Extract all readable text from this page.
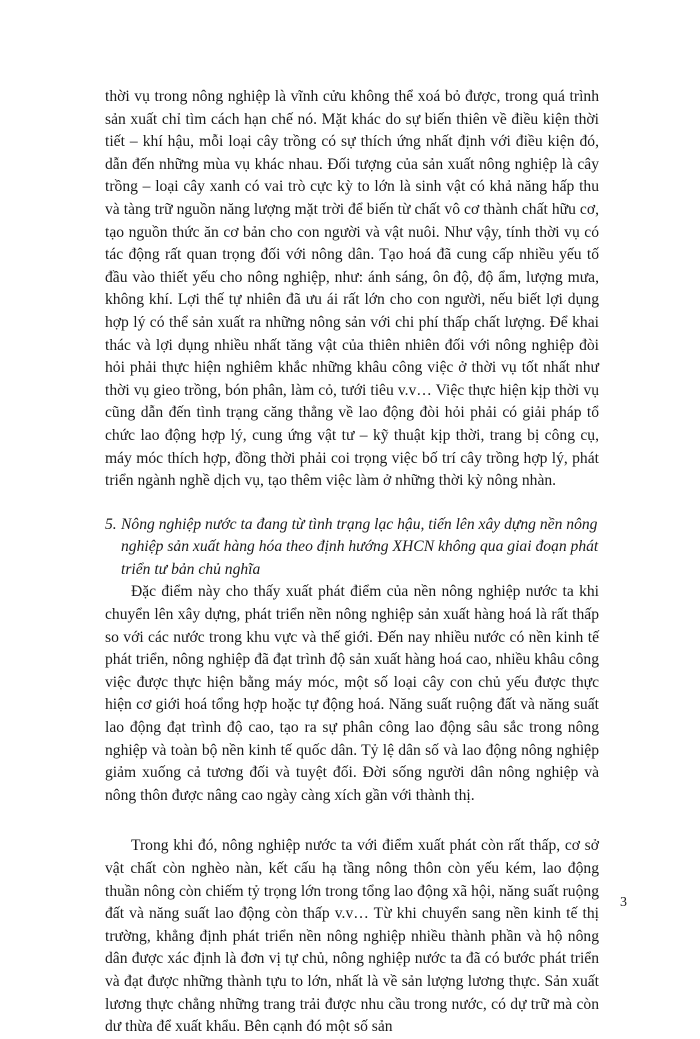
thời vụ trong nông nghiệp là vĩnh cửu không thể xoá bỏ được, trong quá trình sản xuất chỉ tìm cách hạn chế nó. Mặt khác do sự biến thiên về điều kiện thời tiết – khí hậu, mỗi loại cây trồng có sự thích ứng nhất định với điều kiện đó, dẫn đến những mùa vụ khác nhau. Đối tượng của sản xuất nông nghiệp là cây trồng – loại cây xanh có vai trò cực kỳ to lớn là sinh vật có khả năng hấp thu và tàng trữ nguồn năng lượng mặt trời để biến từ chất vô cơ thành chất hữu cơ, tạo nguồn thức ăn cơ bản cho con người và vật nuôi. Như vậy, tính thời vụ có tác động rất quan trọng đối với nông dân. Tạo hoá đã cung cấp nhiều yếu tố đầu vào thiết yếu cho nông nghiệp, như: ánh sáng, ôn độ, độ ẩm, lượng mưa, không khí. Lợi thế tự nhiên đã ưu ái rất lớn cho con người, nếu biết lợi dụng hợp lý có thể sản xuất ra những nông sản với chi phí thấp chất lượng. Để khai thác và lợi dụng nhiều nhất tăng vật của thiên nhiên đối với nông nghiệp đòi hỏi phải thực hiện nghiêm khắc những khâu công việc ở thời vụ tốt nhất như thời vụ gieo trồng, bón phân, làm cỏ, tưới tiêu v.v… Việc thực hiện kịp thời vụ cũng dẫn đến tình trạng căng thẳng về lao động đòi hỏi phải có giải pháp tổ chức lao động hợp lý, cung ứng vật tư – kỹ thuật kịp thời, trang bị công cụ, máy móc thích hợp, đồng thời phải coi trọng việc bố trí cây trồng hợp lý, phát triển ngành nghề dịch vụ, tạo thêm việc làm ở những thời kỳ nông nhàn.

5. Nông nghiệp nước ta đang từ tình trạng lạc hậu, tiến lên xây dựng nền nông nghiệp sản xuất hàng hóa theo định hướng XHCN không qua giai đoạn phát triển tư bản chủ nghĩa

Đặc điểm này cho thấy xuất phát điểm của nền nông nghiệp nước ta khi chuyển lên xây dựng, phát triển nền nông nghiệp sản xuất hàng hoá là rất thấp so với các nước trong khu vực và thế giới. Đến nay nhiều nước có nền kinh tế phát triển, nông nghiệp đã đạt trình độ sản xuất hàng hoá cao, nhiều khâu công việc được thực hiện bằng máy móc, một số loại cây con chủ yếu được thực hiện cơ giới hoá tổng hợp hoặc tự động hoá. Năng suất ruộng đất và năng suất lao động đạt trình độ cao, tạo ra sự phân công lao động sâu sắc trong nông nghiệp và toàn bộ nền kinh tế quốc dân. Tỷ lệ dân số và lao động nông nghiệp giảm xuống cả tương đối và tuyệt đối. Đời sống người dân nông nghiệp và nông thôn được nâng cao ngày càng xích gần với thành thị.

Trong khi đó, nông nghiệp nước ta với điểm xuất phát còn rất thấp, cơ sở vật chất còn nghèo nàn, kết cấu hạ tầng nông thôn còn yếu kém, lao động thuần nông còn chiếm tỷ trọng lớn trong tổng lao động xã hội, năng suất ruộng đất và năng suất lao động còn thấp v.v… Từ khi chuyển sang nền kinh tế thị trường, khẳng định phát triển nền nông nghiệp nhiều thành phần và hộ nông dân được xác định là đơn vị tự chủ, nông nghiệp nước ta đã có bước phát triển và đạt được những thành tựu to lớn, nhất là về sản lượng lương thực. Sản xuất lương thực chẳng những trang trải được nhu cầu trong nước, có dự trữ mà còn dư thừa để xuất khẩu. Bên cạnh đó một số sản

3
